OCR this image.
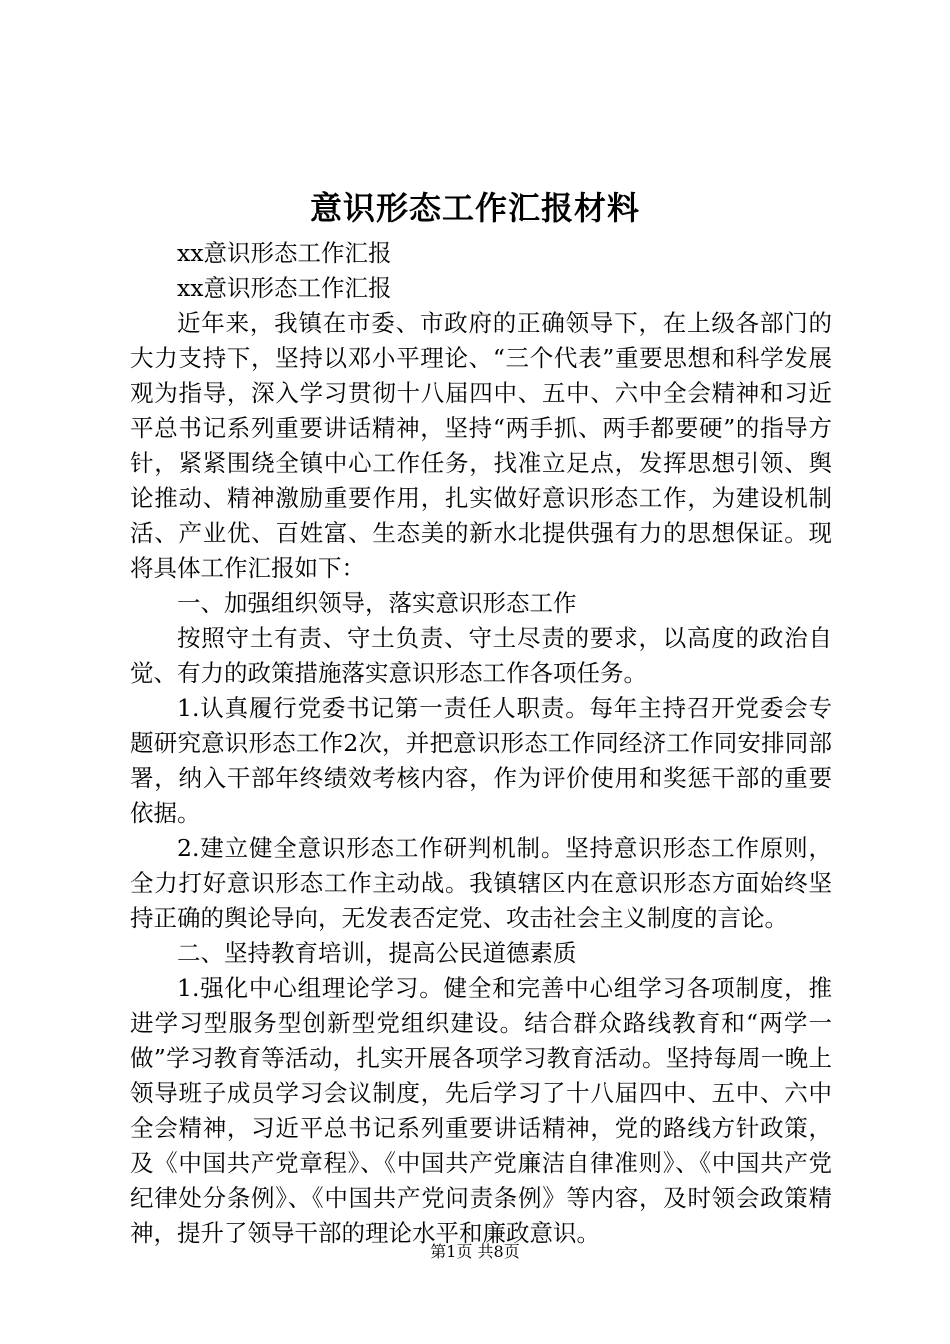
意识形态工作汇报材料

xx意识形态工作汇报

xx意识形态工作汇报

近年来，我镇在市委、市政府的正确领导下，在上级各部门的大力支持下，坚持以邓小平理论、“三个代表”重要思想和科学发展观为指导，深入学习贯彻十八届四中、五中、六中全会精神和习近平总书记系列重要讲话精神，坚持“两手抓、两手都要硬”的指导方针，紧紧围绕全镇中心工作任务，找准立足点，发挥思想引领、舆论推动、精神激励重要作用，扎实做好意识形态工作，为建设机制活、产业优、百姓富、生态美的新水北提供强有力的思想保证。现将具体工作汇报如下：

一、加强组织领导，落实意识形态工作

按照守土有责、守土负责、守土尽责的要求，以高度的政治自觉、有力的政策措施落实意识形态工作各项任务。

1.认真履行党委书记第一责任人职责。每年主持召开党委会专题研究意识形态工作2次，并把意识形态工作同经济工作同安排同部署，纳入干部年终绩效考核内容，作为评价使用和奖惩干部的重要依据。

2.建立健全意识形态工作研判机制。坚持意识形态工作原则，全力打好意识形态工作主动战。我镇辖区内在意识形态方面始终坚持正确的舆论导向，无发表否定党、攻击社会主义制度的言论。

二、坚持教育培训，提高公民道德素质

1.强化中心组理论学习。健全和完善中心组学习各项制度，推进学习型服务型创新型党组织建设。结合群众路线教育和“两学一做”学习教育等活动，扎实开展各项学习教育活动。坚持每周一晚上领导班子成员学习会议制度，先后学习了十八届四中、五中、六中全会精神，习近平总书记系列重要讲话精神，党的路线方针政策，及《中国共产党章程》、《中国共产党廉洁自律准则》、《中国共产党纪律处分条例》、《中国共产党问责条例》等内容，及时领会政策精神，提升了领导干部的理论水平和廉政意识。

第1页 共8页
